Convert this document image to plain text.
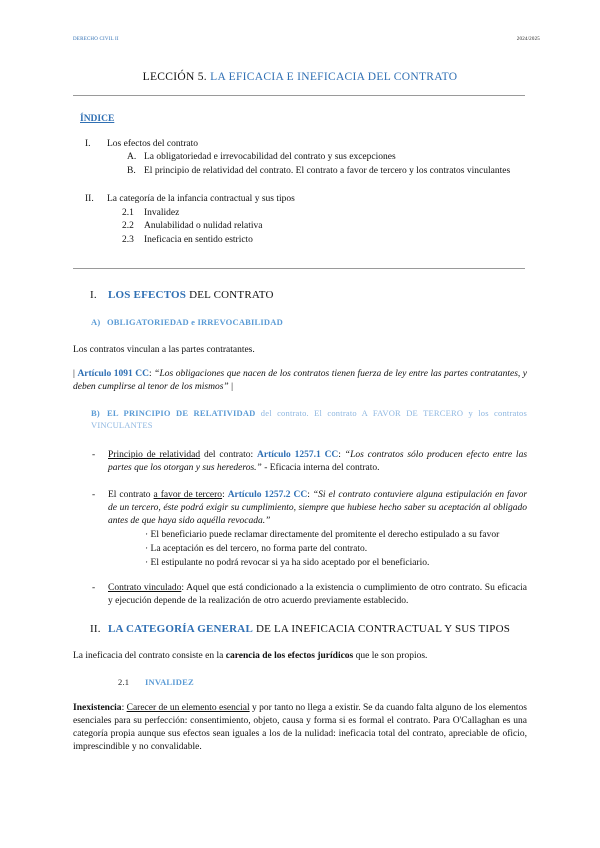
DERECHO CIVIL II	2024/2025
LECCIÓN 5. LA EFICACIA E INEFICACIA DEL CONTRATO
ÍNDICE
I. Los efectos del contrato
A. La obligatoriedad e irrevocabilidad del contrato y sus excepciones
B. El principio de relatividad del contrato. El contrato a favor de tercero y los contratos vinculantes
II. La categoría de la infancia contractual y sus tipos
2.1 Invalidez
2.2 Anulabilidad o nulidad relativa
2.3 Ineficacia en sentido estricto
I. LOS EFECTOS DEL CONTRATO
A) OBLIGATORIEDAD e IRREVOCABILIDAD
Los contratos vinculan a las partes contratantes.
| Artículo 1091 CC: “Los obligaciones que nacen de los contratos tienen fuerza de ley entre las partes contratantes, y deben cumplirse al tenor de los mismos” |
B) EL PRINCIPIO DE RELATIVIDAD del contrato. El contrato A FAVOR DE TERCERO y los contratos VINCULANTES
- Principio de relatividad del contrato: Artículo 1257.1 CC: “Los contratos sólo producen efecto entre las partes que los otorgan y sus herederos.” - Eficacia interna del contrato.
- El contrato a favor de tercero: Artículo 1257.2 CC: “Si el contrato contuviere alguna estipulación en favor de un tercero, éste podrá exigir su cumplimiento, siempre que hubiese hecho saber su aceptación al obligado antes de que haya sido aquélla revocada.”
· El beneficiario puede reclamar directamente del promitente el derecho estipulado a su favor
· La aceptación es del tercero, no forma parte del contrato.
· El estipulante no podrá revocar si ya ha sido aceptado por el beneficiario.
- Contrato vinculado: Aquel que está condicionado a la existencia o cumplimiento de otro contrato. Su eficacia y ejecución depende de la realización de otro acuerdo previamente establecido.
II. LA CATEGORÍA GENERAL DE LA INEFICACIA CONTRACTUAL Y SUS TIPOS
La ineficacia del contrato consiste en la carencia de los efectos jurídicos que le son propios.
2.1 INVALIDEZ
Inexistencia: Carecer de un elemento esencial y por tanto no llega a existir. Se da cuando falta alguno de los elementos esenciales para su perfección: consentimiento, objeto, causa y forma si es formal el contrato. Para O'Callaghan es una categoría propia aunque sus efectos sean iguales a los de la nulidad: ineficacia total del contrato, apreciable de oficio, imprescindible y no convalidable.
